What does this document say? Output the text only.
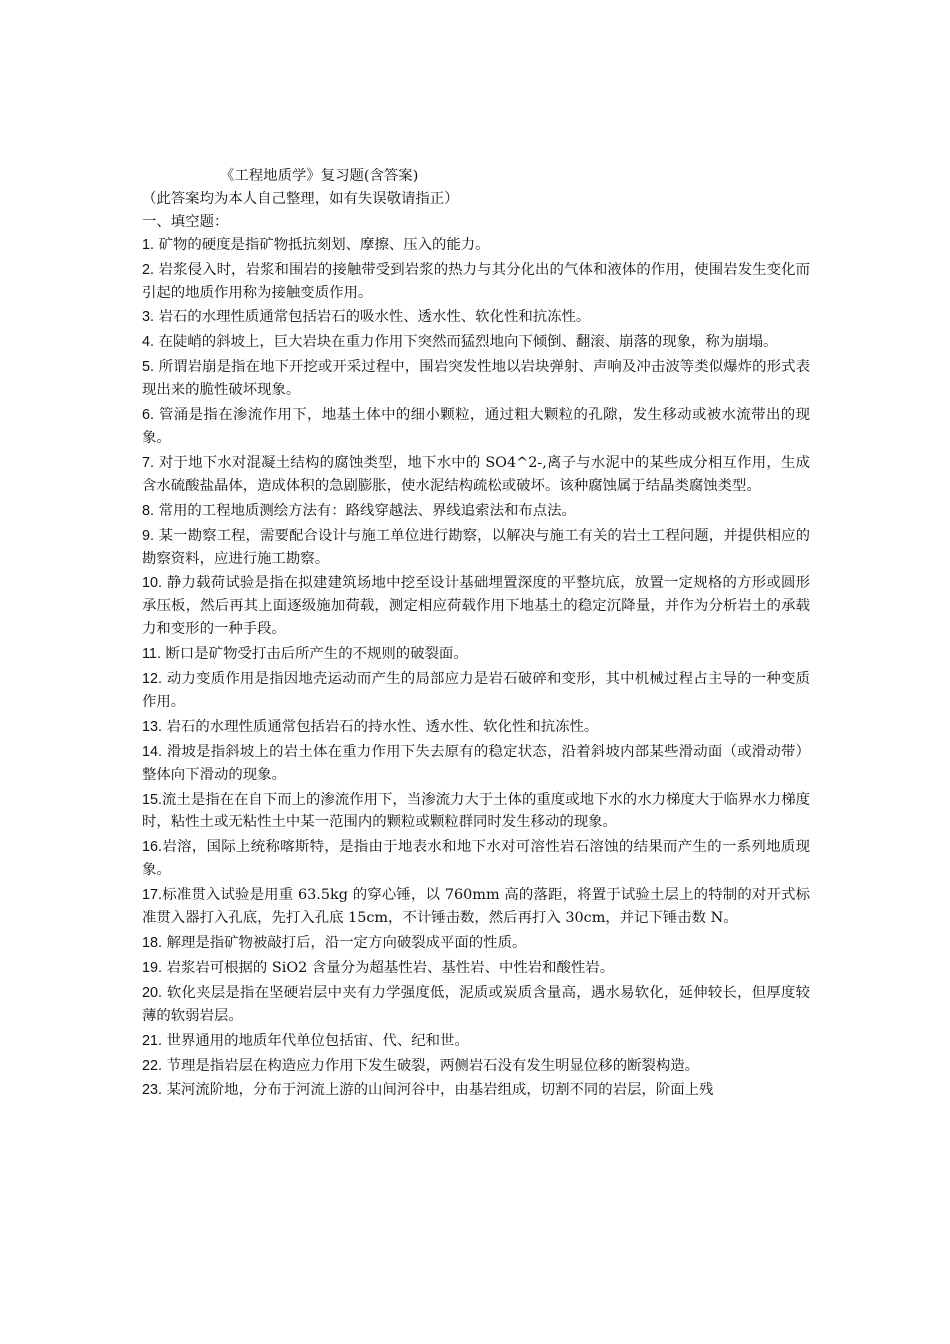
《工程地质学》复习题(含答案)
（此答案均为本人自己整理，如有失误敬请指正）
一、填空题：
1. 矿物的硬度是指矿物抵抗刻划、摩擦、压入的能力。
2. 岩浆侵入时，岩浆和围岩的接触带受到岩浆的热力与其分化出的气体和液体的作用，使围岩发生变化而引起的地质作用称为接触变质作用。
3. 岩石的水理性质通常包括岩石的吸水性、透水性、软化性和抗冻性。
4. 在陡峭的斜坡上，巨大岩块在重力作用下突然而猛烈地向下倾倒、翻滚、崩落的现象，称为崩塌。
5. 所谓岩崩是指在地下开挖或开采过程中，围岩突发性地以岩块弹射、声响及冲击波等类似爆炸的形式表现出来的脆性破坏现象。
6. 管涌是指在渗流作用下，地基土体中的细小颗粒，通过粗大颗粒的孔隙，发生移动或被水流带出的现象。
7. 对于地下水对混凝土结构的腐蚀类型，地下水中的 SO4^2-,离子与水泥中的某些成分相互作用，生成含水硫酸盐晶体，造成体积的急剧膨胀，使水泥结构疏松或破坏。该种腐蚀属于结晶类腐蚀类型。
8. 常用的工程地质测绘方法有：路线穿越法、界线追索法和布点法。
9. 某一勘察工程，需要配合设计与施工单位进行勘察，以解决与施工有关的岩土工程问题，并提供相应的勘察资料，应进行施工勘察。
10. 静力载荷试验是指在拟建建筑场地中挖至设计基础埋置深度的平整坑底，放置一定规格的方形或圆形承压板，然后再其上面逐级施加荷载，测定相应荷载作用下地基土的稳定沉降量，并作为分析岩土的承载力和变形的一种手段。
11. 断口是矿物受打击后所产生的不规则的破裂面。
12. 动力变质作用是指因地壳运动而产生的局部应力是岩石破碎和变形，其中机械过程占主导的一种变质作用。
13. 岩石的水理性质通常包括岩石的持水性、透水性、软化性和抗冻性。
14. 滑坡是指斜坡上的岩土体在重力作用下失去原有的稳定状态，沿着斜坡内部某些滑动面（或滑动带）整体向下滑动的现象。
15.流土是指在在自下而上的渗流作用下，当渗流力大于土体的重度或地下水的水力梯度大于临界水力梯度时，粘性土或无粘性土中某一范围内的颗粒或颗粒群同时发生移动的现象。
16.岩溶，国际上统称喀斯特，是指由于地表水和地下水对可溶性岩石溶蚀的结果而产生的一系列地质现象。
17.标准贯入试验是用重 63.5kg 的穿心锤，以 760mm 高的落距，将置于试验土层上的特制的对开式标准贯入器打入孔底，先打入孔底 15cm，不计锤击数，然后再打入 30cm，并记下锤击数 N。
18. 解理是指矿物被敲打后，沿一定方向破裂成平面的性质。
19. 岩浆岩可根据的 SiO2 含量分为超基性岩、基性岩、中性岩和酸性岩。
20. 软化夹层是指在坚硬岩层中夹有力学强度低，泥质或炭质含量高，遇水易软化，延伸较长，但厚度较薄的软弱岩层。
21. 世界通用的地质年代单位包括宙、代、纪和世。
22. 节理是指岩层在构造应力作用下发生破裂，两侧岩石没有发生明显位移的断裂构造。
23. 某河流阶地，分布于河流上游的山间河谷中，由基岩组成，切割不同的岩层，阶面上残
